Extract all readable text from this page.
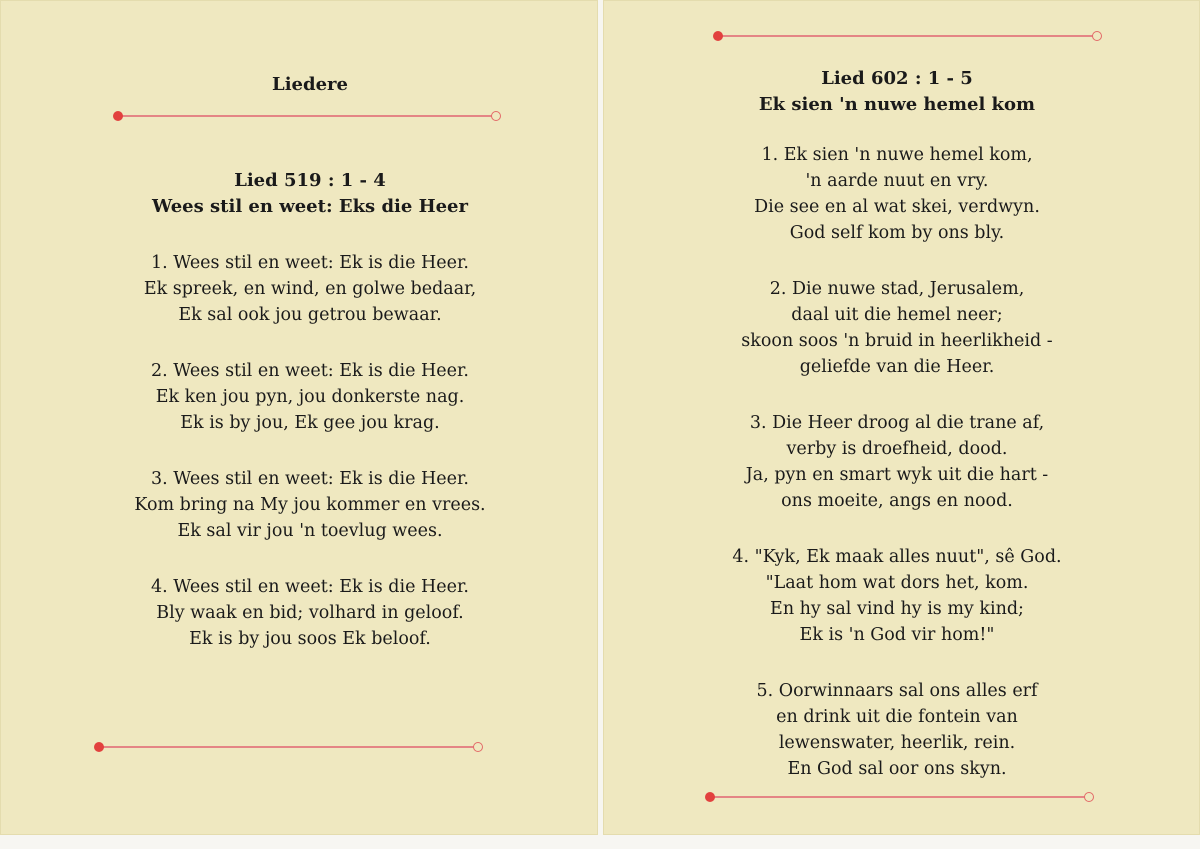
Liedere
Lied 519 : 1 - 4
Wees stil en weet: Eks die Heer
1. Wees stil en weet: Ek is die Heer.
Ek spreek, en wind, en golwe bedaar,
Ek sal ook jou getrou bewaar.
2. Wees stil en weet: Ek is die Heer.
Ek ken jou pyn, jou donkerste nag.
Ek is by jou, Ek gee jou krag.
3. Wees stil en weet: Ek is die Heer.
Kom bring na My jou kommer en vrees.
Ek sal vir jou 'n toevlug wees.
4. Wees stil en weet: Ek is die Heer.
Bly waak en bid; volhard in geloof.
Ek is by jou soos Ek beloof.
Lied 602 : 1 - 5
Ek sien 'n nuwe hemel kom
1. Ek sien 'n nuwe hemel kom,
'n aarde nuut en vry.
Die see en al wat skei, verdwyn.
God self kom by ons bly.
2. Die nuwe stad, Jerusalem,
daal uit die hemel neer;
skoon soos 'n bruid in heerlikheid -
geliefde van die Heer.
3. Die Heer droog al die trane af,
verby is droefheid, dood.
Ja, pyn en smart wyk uit die hart -
ons moeite, angs en nood.
4. "Kyk, Ek maak alles nuut", sê God.
"Laat hom wat dors het, kom.
En hy sal vind hy is my kind;
Ek is 'n God vir hom!"
5. Oorwinnaars sal ons alles erf
en drink uit die fontein van
lewenswater, heerlik, rein.
En God sal oor ons skyn.
